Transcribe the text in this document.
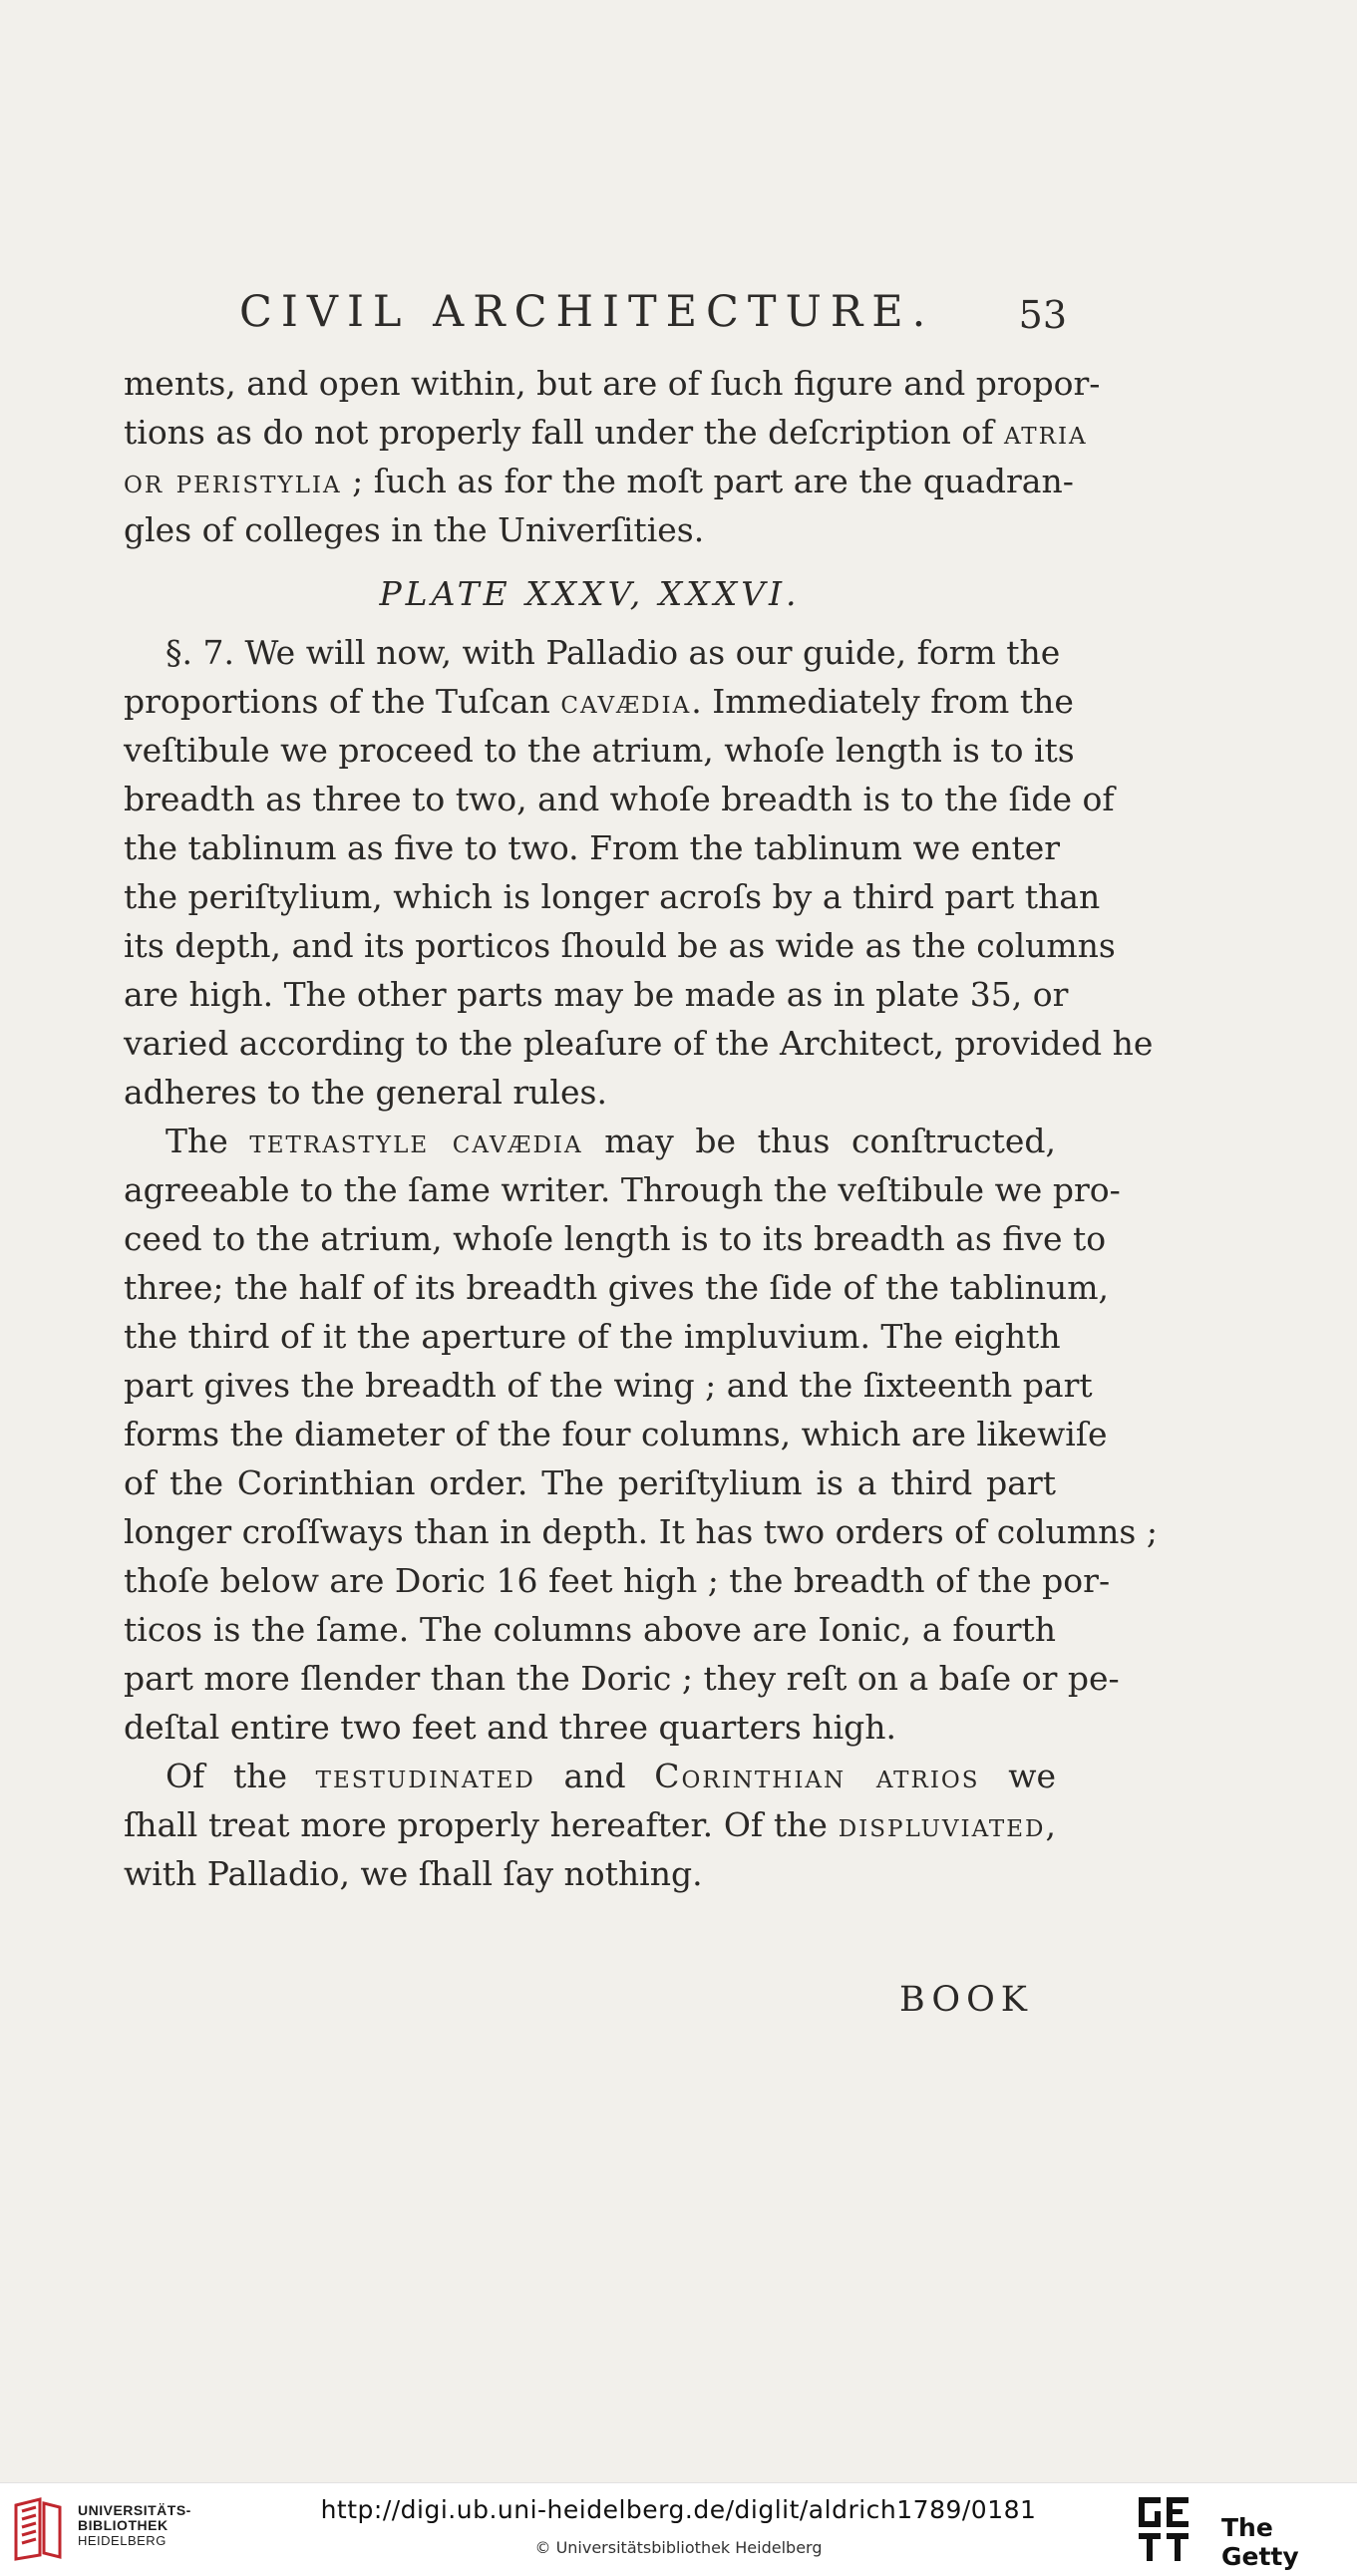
CIVIL ARCHITECTURE. 53
ments, and open within, but are of ſuch figure and propor-
tions as do not properly fall under the deſcription of atria
or peristylia ; ſuch as for the moſt part are the quadran-
gles of colleges in the Univerſities.
PLATE XXXV, XXXVI.
§. 7. We will now, with Palladio as our guide, form the
proportions of the Tuſcan cavædia. Immediately from the
veſtibule we proceed to the atrium, whoſe length is to its
breadth as three to two, and whoſe breadth is to the ſide of
the tablinum as five to two. From the tablinum we enter
the periſtylium, which is longer acroſs by a third part than
its depth, and its porticos ſhould be as wide as the columns
are high. The other parts may be made as in plate 35, or
varied according to the pleaſure of the Architect, provided he
adheres to the general rules.
The tetrastyle cavædia may be thus conſtructed,
agreeable to the ſame writer. Through the veſtibule we pro-
ceed to the atrium, whoſe length is to its breadth as five to
three; the half of its breadth gives the ſide of the tablinum,
the third of it the aperture of the impluvium. The eighth
part gives the breadth of the wing ; and the ſixteenth part
forms the diameter of the four columns, which are likewiſe
of the Corinthian order. The periſtylium is a third part
longer croſſways than in depth. It has two orders of columns ;
thoſe below are Doric 16 feet high ; the breadth of the por-
ticos is the ſame. The columns above are Ionic, a fourth
part more ſlender than the Doric ; they reſt on a baſe or pe-
deſtal entire two feet and three quarters high.
Of the testudinated and Corinthian atrios we
ſhall treat more properly hereafter. Of the displuviated,
with Palladio, we ſhall ſay nothing.
BOOK
UNIVERSITÄTS-
BIBLIOTHEK
HEIDELBERG
http://digi.ub.uni-heidelberg.de/diglit/aldrich1789/0181
© Universitätsbibliothek Heidelberg
The Getty
